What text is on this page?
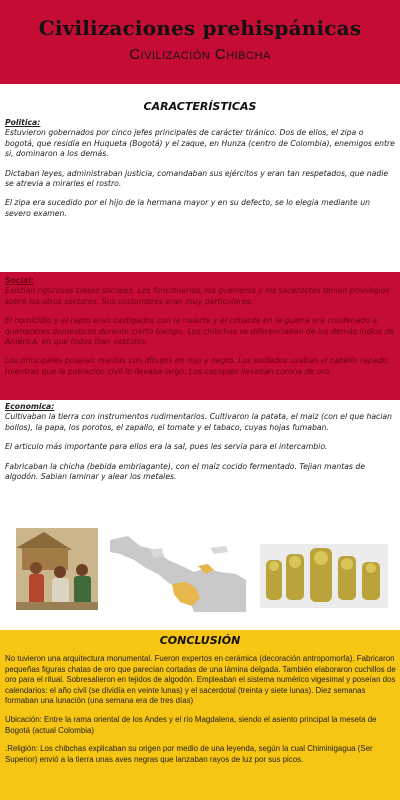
Civilizaciones prehispánicas
Civilización Chibcha
CARACTERÍSTICAS
Politica:

Estuvieron gobernados por cinco jefes principales de carácter tiránico. Dos de ellos, el zipa o bogotá, que residía en Huqueta (Bogotá) y el zaque, en Hunza (centro de Colombia), enemigos entre si, dominaron a los demás.

Dictaban leyes, administraban justicia, comandaban sus ejércitos y eran tan respetados, que nadie se atrevia a mirarles el rostro.

El zipa era sucedido por el hijo de la hermana mayor y en su defecto, se lo elegia mediante un severo examen.

Social:

Existian rigurosas clases sociales. Los funcionarios, los guerreros y los sacerdotes tenian privilegios sobre los otros sectores. Sus costumbres eran muy particulares:

El homicidio y el rapto eran castigados con la muerte y el cobarde en la guerra era condenado a quehaceres domésticos durante cierto tiempo. Los chibchas se diferenciaban de los demás indios de América, en que todos iban vestidos.

Los principales poseian mantas con dibujos en rojo y negro. Los soldados usaban el cabello rapado, mientras que la población civil lo llevaba largo. Los caciques llevaban corona de oro.

Economica:

Cultivaban la tierra con instrumentos rudimentarios. Cultivaron la patata, el maiz (con el que hacian bollos), la papa, los porotos, el zapallo, el tomate y el tabaco, cuyas hojas fumaban.

El articulo más importante para ellos era la sal, pues les servia para el intercambio.

Fabricaban la chicha (bebida embriagante), con el maíz cocido fermentado. Tejian mantas de algodón. Sabian laminar y alear los metales.

CONCLUSIÓN

No tuvieron una arquitectura monumental. Fueron expertos en cerámica (decoración antropomorfa). Fabricaron pequeñas figuras chatas de oro que parecían cortadas de una lámina delgada. También elaboraron cuchillos de oro para el ritual. Sobresalieron en tejidos de algodón. Empleaban el sistema numérico vigesimal y poseían dos calendarios: el año civil (se dividía en veinte lunas) y el sacerdotal (treinta y siete lunas). Diez semanas formaban una lunación (una semana era de tres días)

Ubicación: Entre la rama oriental de los Andes y el río Magdalena, siendo el asiento principal la meseta de Bogotá (actual Colombia)

.Religión: Los chibchas explicaban su origen por medio de una leyenda, según la cual Chiminigagua (Ser Superior) envió a la tierra unas aves negras que lanzaban rayos de luz por sus picos.
